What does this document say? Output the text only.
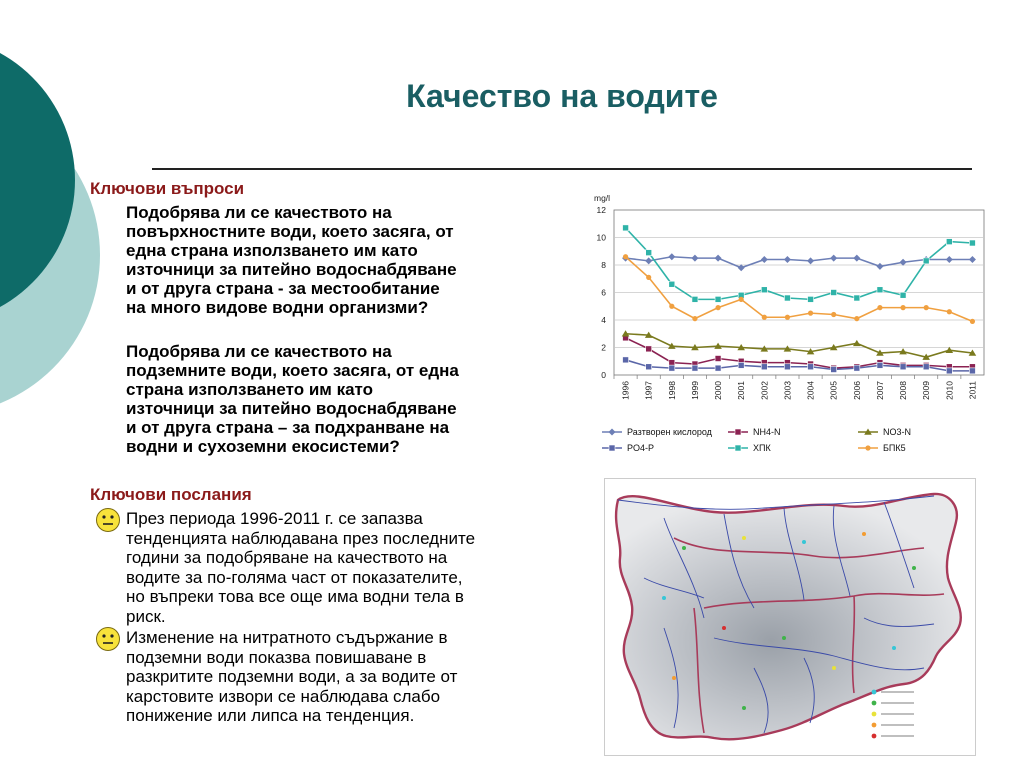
Качество на водите
Ключови въпроси
Подобрява ли се качеството на
повърхностните води, което засяга, от
една страна използването им като
източници за питейно водоснабдяване
и от друга страна - за местообитание
на много видове водни организми?
Подобрява ли се качеството на
подземните води, което засяга, от една
страна използването им като
източници за питейно водоснабдяване
и от друга страна – за подхранване на
водни и сухоземни екосистеми?
Ключови послания
През периода 1996-2011 г. се запазва
тенденцията наблюдавана през последните
години за подобряване на качеството на
водите за по-голяма част от показателите,
но въпреки това все още има водни тела в
риск.
Изменение на нитратното съдържание в
подземни води показва повишаване в
разкритите подземни води, а за водите от
карстовите извори се наблюдава слабо
понижение или липса на тенденция.
mg/l
0
2
4
6
8
10
12
1996 1997 1998 1999 2000 2001 2002 2003 2004 2005 2006 2007 2008 2009 2010 2011
Разтворен кислород	NH4-N	NO3-N
PO4-P	ХПК	БПК5
